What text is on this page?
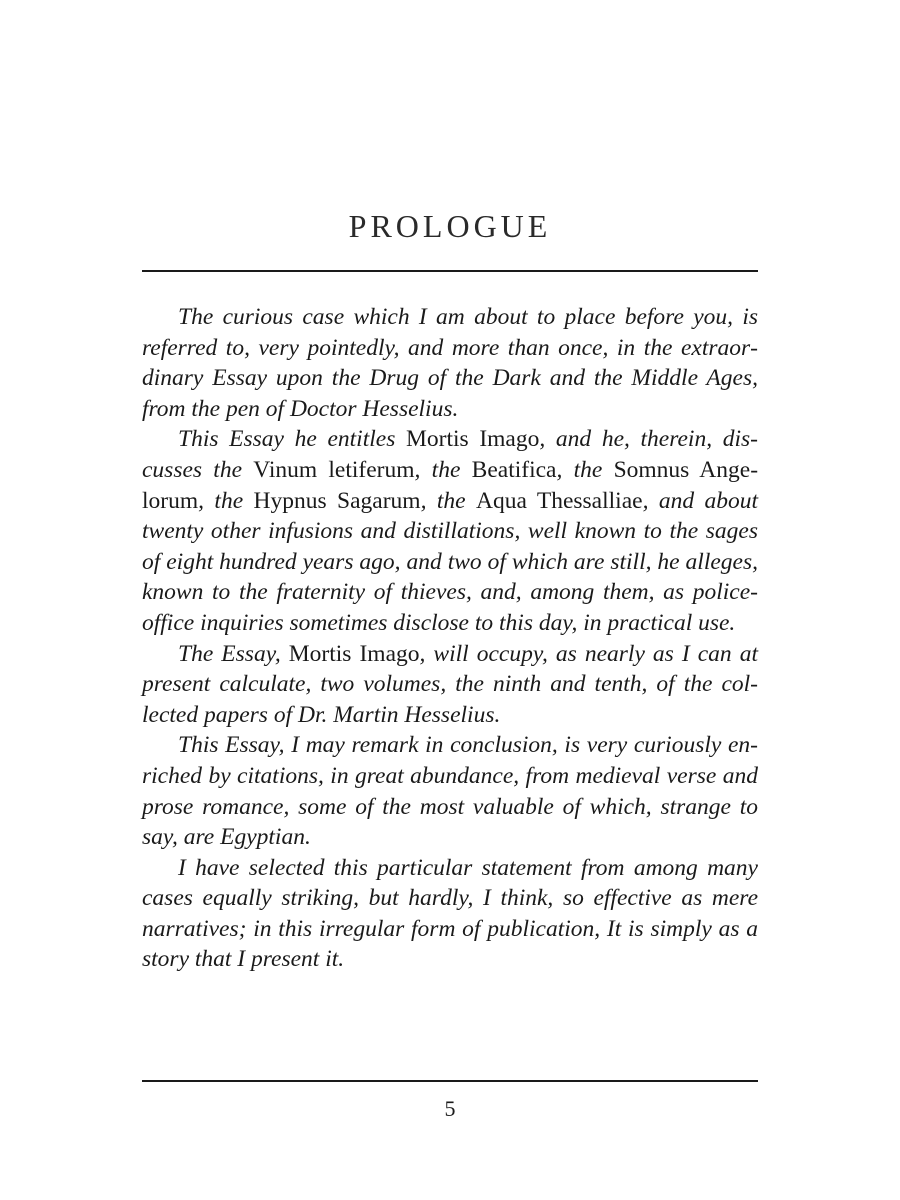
PROLOGUE

The curious case which I am about to place before you, is referred to, very pointedly, and more than once, in the extraordinary Essay upon the Drug of the Dark and the Middle Ages, from the pen of Doctor Hesselius.

This Essay he entitles Mortis Imago, and he, therein, discusses the Vinum letiferum, the Beatifica, the Somnus Angelorum, the Hypnus Sagarum, the Aqua Thessalliae, and about twenty other infusions and distillations, well known to the sages of eight hundred years ago, and two of which are still, he alleges, known to the fraternity of thieves, and, among them, as police-office inquiries sometimes disclose to this day, in practical use.

The Essay, Mortis Imago, will occupy, as nearly as I can at present calculate, two volumes, the ninth and tenth, of the collected papers of Dr. Martin Hesselius.

This Essay, I may remark in conclusion, is very curiously enriched by citations, in great abundance, from medieval verse and prose romance, some of the most valuable of which, strange to say, are Egyptian.

I have selected this particular statement from among many cases equally striking, but hardly, I think, so effective as mere narratives; in this irregular form of publication, It is simply as a story that I present it.

5
